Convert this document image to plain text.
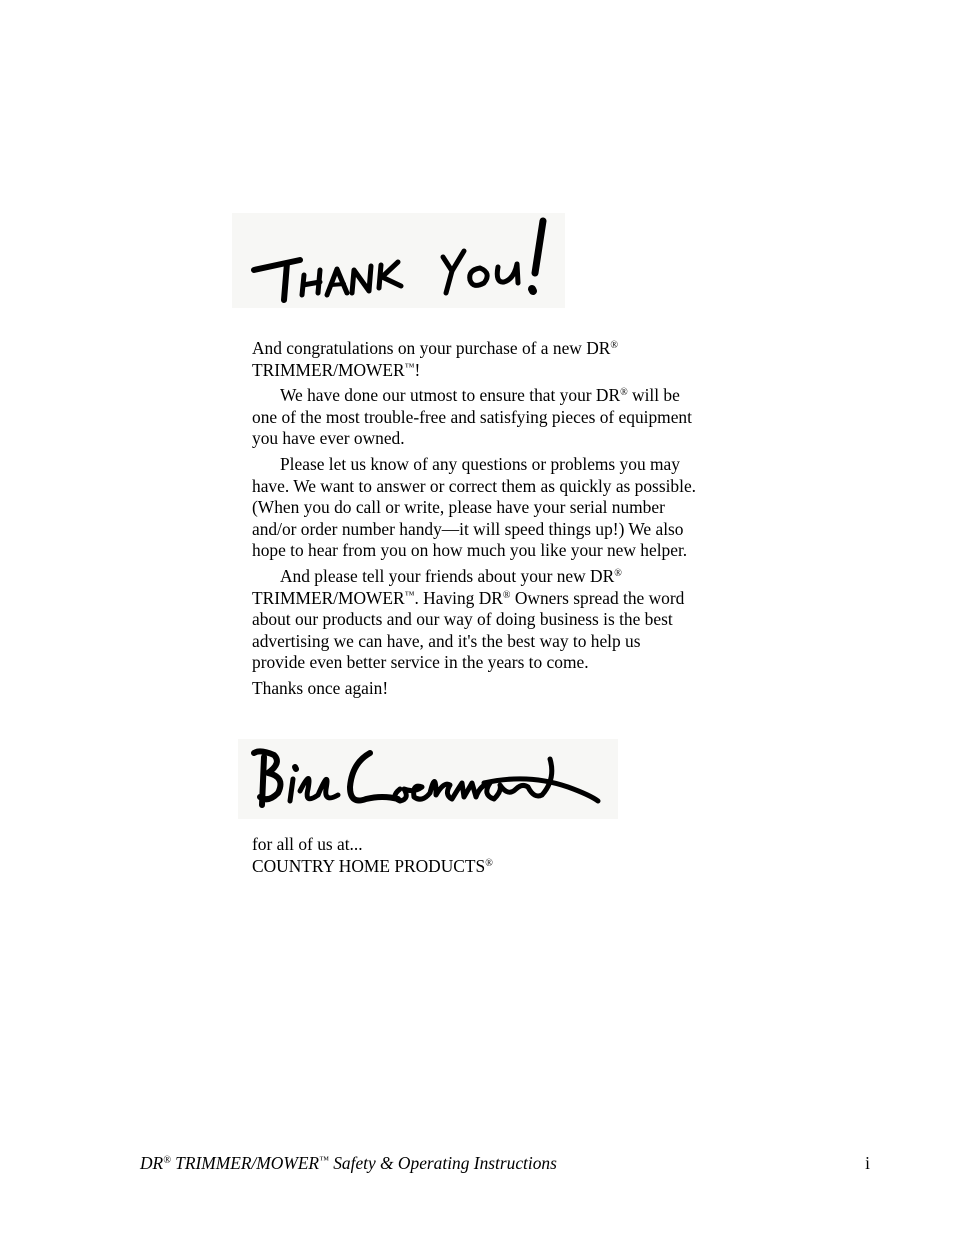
And congratulations on your purchase of a new DR® TRIMMER/MOWER™!

We have done our utmost to ensure that your DR® will be one of the most trouble-free and satisfying pieces of equipment you have ever owned.

Please let us know of any questions or problems you may have. We want to answer or correct them as quickly as possible. (When you do call or write, please have your serial number and/or order number handy—it will speed things up!) We also hope to hear from you on how much you like your new helper.

And please tell your friends about your new DR® TRIMMER/MOWER™. Having DR® Owners spread the word about our products and our way of doing business is the best advertising we can have, and it's the best way to help us provide even better service in the years to come.

Thanks once again!

for all of us at...
COUNTRY HOME PRODUCTS®
DR® TRIMMER/MOWER™ Safety & Operating Instructions	i
